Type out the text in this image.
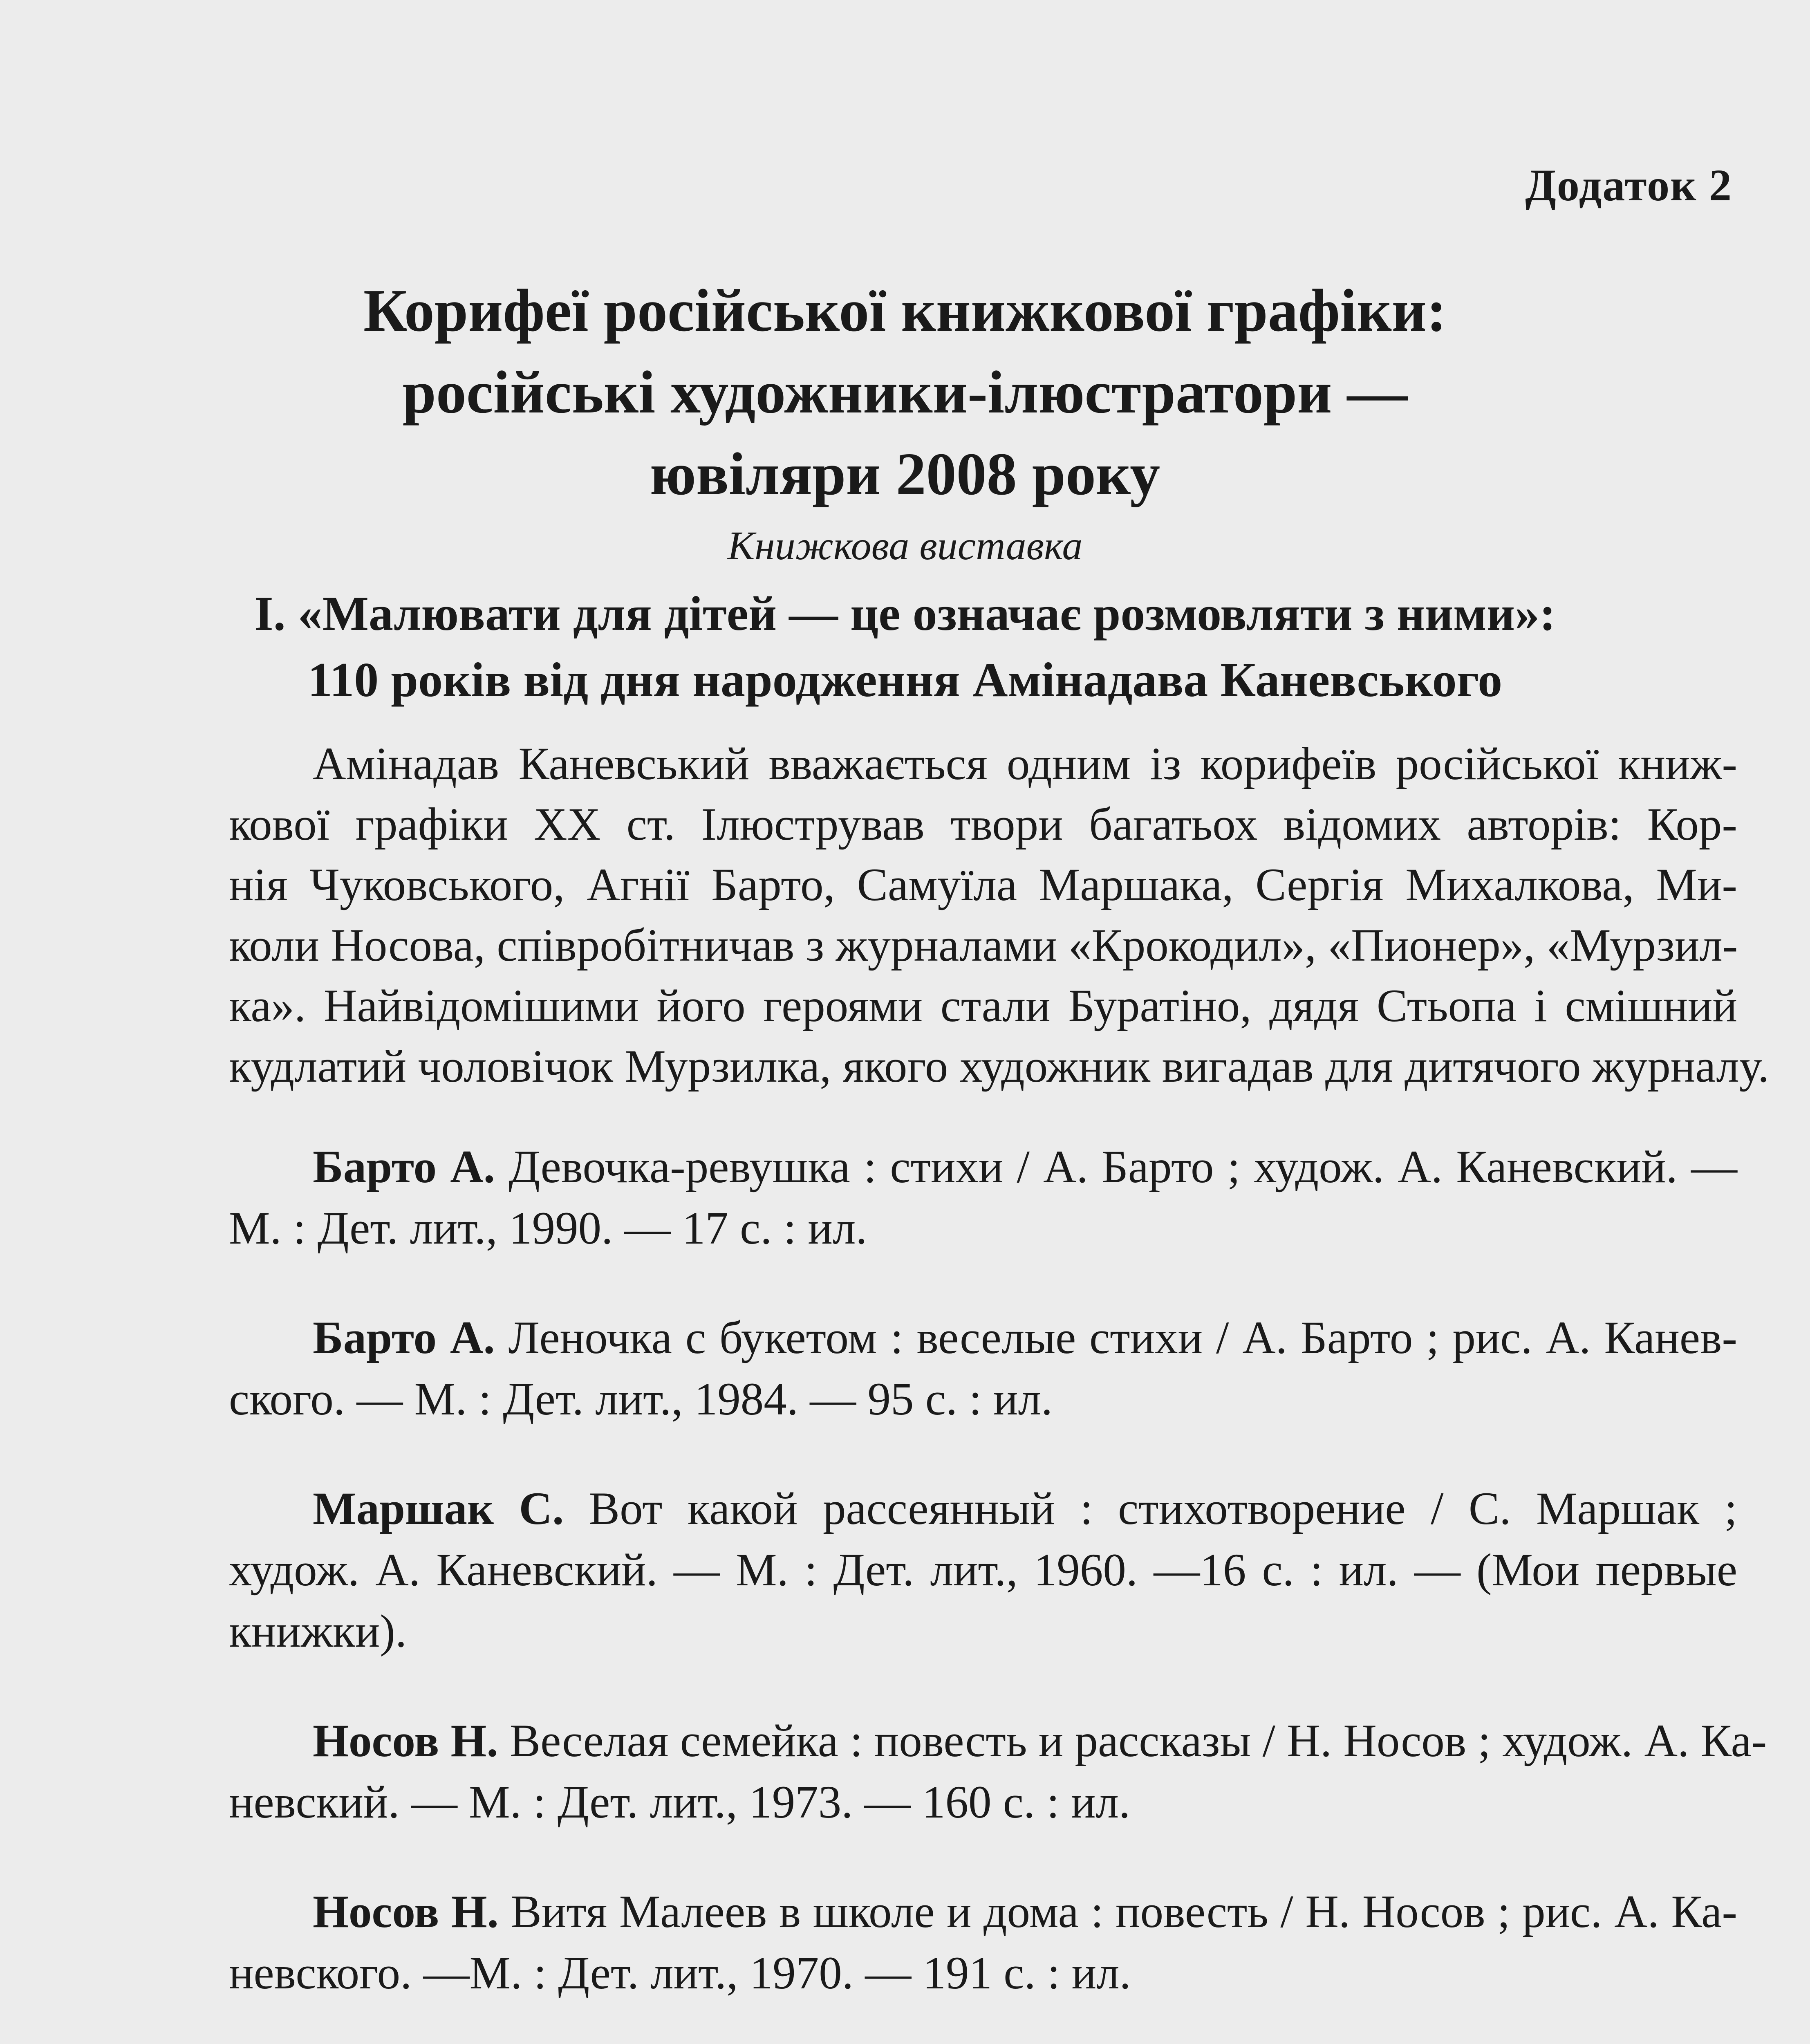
Додаток 2
Корифеї російської книжкової графіки:
російські художники-ілюстратори —
ювіляри 2008 року
Книжкова виставка
І. «Малювати для дітей — це означає розмовляти з ними»:
110 років від дня народження Амінадава Каневського
Амінадав Каневський вважається одним із корифеїв російської книж-
кової графіки XX ст. Ілюстрував твори багатьох відомих авторів: Кор-
нія Чуковського, Агнії Барто, Самуїла Маршака, Сергія Михалкова, Ми-
коли Носова, співробітничав з журналами «Крокодил», «Пионер», «Мурзил-
ка». Найвідомішими його героями стали Буратіно, дядя Стьопа і смішний
кудлатий чоловічок Мурзилка, якого художник вигадав для дитячого журналу.
Барто А. Девочка-ревушка : стихи / А. Барто ; худож. А. Каневский. —
М. : Дет. лит., 1990. — 17 с. : ил.
Барто А. Леночка с букетом : веселые стихи / А. Барто ; рис. А. Канев-
ского. — М. : Дет. лит., 1984. — 95 с. : ил.
Маршак С. Вот какой рассеянный : стихотворение / С. Маршак ;
худож. А. Каневский. — М. : Дет. лит., 1960. —16 с. : ил. — (Мои первые
книжки).
Носов Н. Веселая семейка : повесть и рассказы / Н. Носов ; худож. А. Ка-
невский. — М. : Дет. лит., 1973. — 160 с. : ил.
Носов Н. Витя Малеев в школе и дома : повесть / Н. Носов ; рис. А. Ка-
невского. —М. : Дет. лит., 1970. — 191 с. : ил.
